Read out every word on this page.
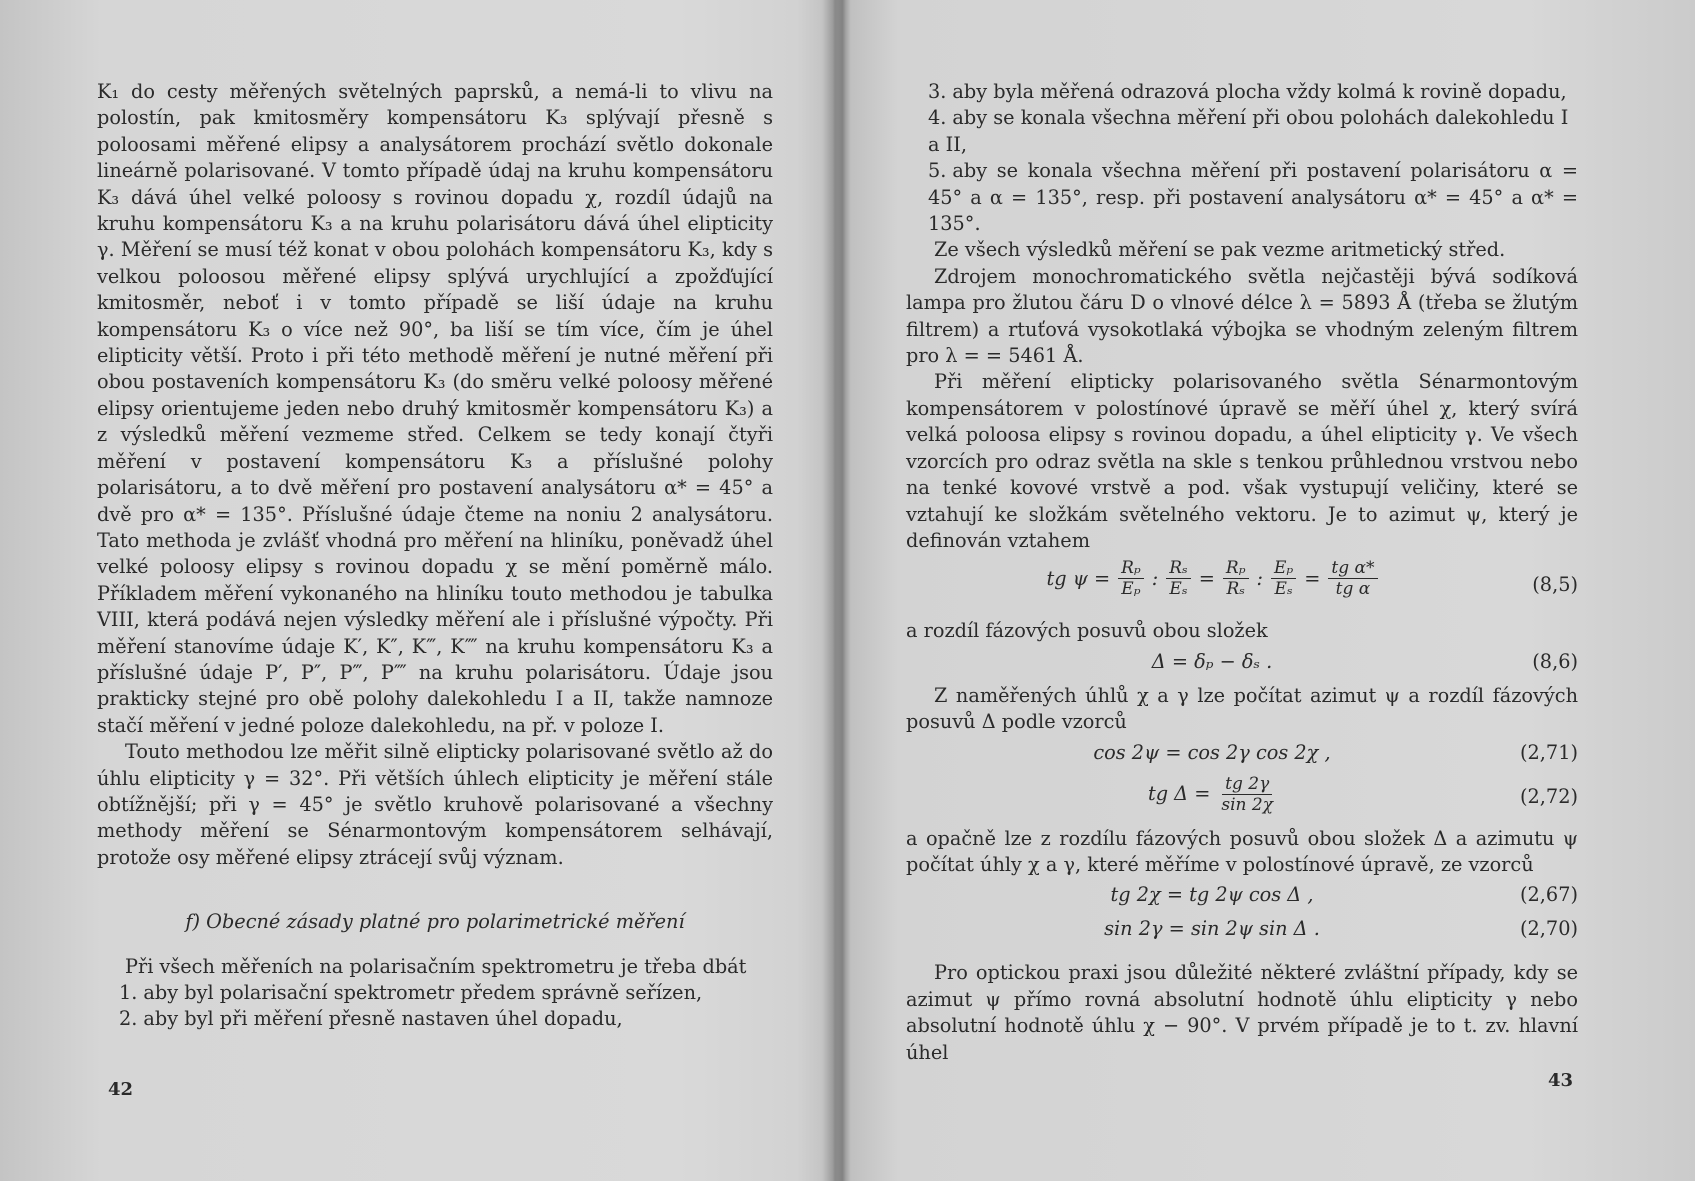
K₁ do cesty měřených světelných paprsků, a nemá-li to vlivu na polostín, pak kmitosměry kompensátoru K₃ splývají přesně s poloosami měřené elipsy a analysátorem prochází světlo dokonale lineárně polarisované. V tomto případě údaj na kruhu kompensátoru K₃ dává úhel velké poloosy s rovinou dopadu χ, rozdíl údajů na kruhu kompensátoru K₃ a na kruhu polarisátoru dává úhel elipticity γ. Měření se musí též konat v obou polohách kompensátoru K₃, kdy s velkou poloosou měřené elipsy splývá urychlující a zpožďující kmitosměr, neboť i v tomto případě se liší údaje na kruhu kompensátoru K₃ o více než 90°, ba liší se tím více, čím je úhel elipticity větší. Proto i při této methodě měření je nutné měření při obou postaveních kompensátoru K₃ (do směru velké poloosy měřené elipsy orientujeme jeden nebo druhý kmitosměr kompensátoru K₃) a z výsledků měření vezmeme střed. Celkem se tedy konají čtyři měření v postavení kompensátoru K₃ a příslušné polohy polarisátoru, a to dvě měření pro postavení analysátoru α* = 45° a dvě pro α* = 135°. Příslušné údaje čteme na noniu 2 analysátoru. Tato methoda je zvlášť vhodná pro měření na hliníku, poněvadž úhel velké poloosy elipsy s rovinou dopadu χ se mění poměrně málo. Příkladem měření vykonaného na hliníku touto methodou je tabulka VIII, která podává nejen výsledky měření ale i příslušné výpočty. Při měření stanovíme údaje K′, K″, K‴, K⁗ na kruhu kompensátoru K₃ a příslušné údaje P′, P″, P‴, P⁗ na kruhu polarisátoru. Údaje jsou prakticky stejné pro obě polohy dalekohledu I a II, takže namnoze stačí měření v jedné poloze dalekohledu, na př. v poloze I.

Touto methodou lze měřit silně elipticky polarisované světlo až do úhlu elipticity γ = 32°. Při větších úhlech elipticity je měření stále obtížnější; při γ = 45° je světlo kruhově polarisované a všechny methody měření se Sénarmontovým kompensátorem selhávají, protože osy měřené elipsy ztrácejí svůj význam.

f) Obecné zásady platné pro polarimetrické měření

Při všech měřeních na polarisačním spektrometru je třeba dbát

1. aby byl polarisační spektrometr předem správně seřízen,
2. aby byl při měření přesně nastaven úhel dopadu,
42
3. aby byla měřená odrazová plocha vždy kolmá k rovině dopadu,
4. aby se konala všechna měření při obou polohách dalekohledu I a II,
5. aby se konala všechna měření při postavení polarisátoru α = 45° a α = 135°, resp. při postavení analysátoru α* = 45° a α* = 135°.

Ze všech výsledků měření se pak vezme aritmetický střed.

Zdrojem monochromatického světla nejčastěji bývá sodíková lampa pro žlutou čáru D o vlnové délce λ = 5893 Å (třeba se žlutým filtrem) a rtuťová vysokotlaká výbojka se vhodným zeleným filtrem pro λ = = 5461 Å.

Při měření elipticky polarisovaného světla Sénarmontovým kompensátorem v polostínové úpravě se měří úhel χ, který svírá velká poloosa elipsy s rovinou dopadu, a úhel elipticity γ. Ve všech vzorcích pro odraz světla na skle s tenkou průhlednou vrstvou nebo na tenké kovové vrstvě a pod. však vystupují veličiny, které se vztahují ke složkám světelného vektoru. Je to azimut ψ, který je definován vztahem

tg $\psi = \frac{\text{Rₚ}}{\text{Eₚ}}$ : $\frac{\text{Rₛ}}{\text{Eₛ}} = \frac{\text{Rₚ}}{\text{Rₛ}}$ : $\frac{\text{Eₚ}}{\text{Eₛ}} = \frac{\text{tg α*}}{\text{tg α}}$	(8,5)

a rozdíl fázových posuvů obou složek

Δ = δₚ − δₛ .	(8,6)

Z naměřených úhlů χ a γ lze počítat azimut ψ a rozdíl fázových posuvů Δ podle vzorců

cos 2ψ = cos 2γ cos 2χ ,	(2,71)
tg $\Delta = \frac{tg 2\gamma}{\sin 2\chi}$	(2,72)

a opačně lze z rozdílu fázových posuvů obou složek Δ a azimutu ψ počítat úhly χ a γ, které měříme v polostínové úpravě, ze vzorců

tg 2χ = tg 2ψ cos Δ ,	(2,67)
sin 2γ = sin 2ψ sin Δ .	(2,70)

Pro optickou praxi jsou důležité některé zvláštní případy, kdy se azimut ψ přímo rovná absolutní hodnotě úhlu elipticity γ nebo absolutní hodnotě úhlu χ − 90°. V prvém případě je to t. zv. hlavní úhel

43
